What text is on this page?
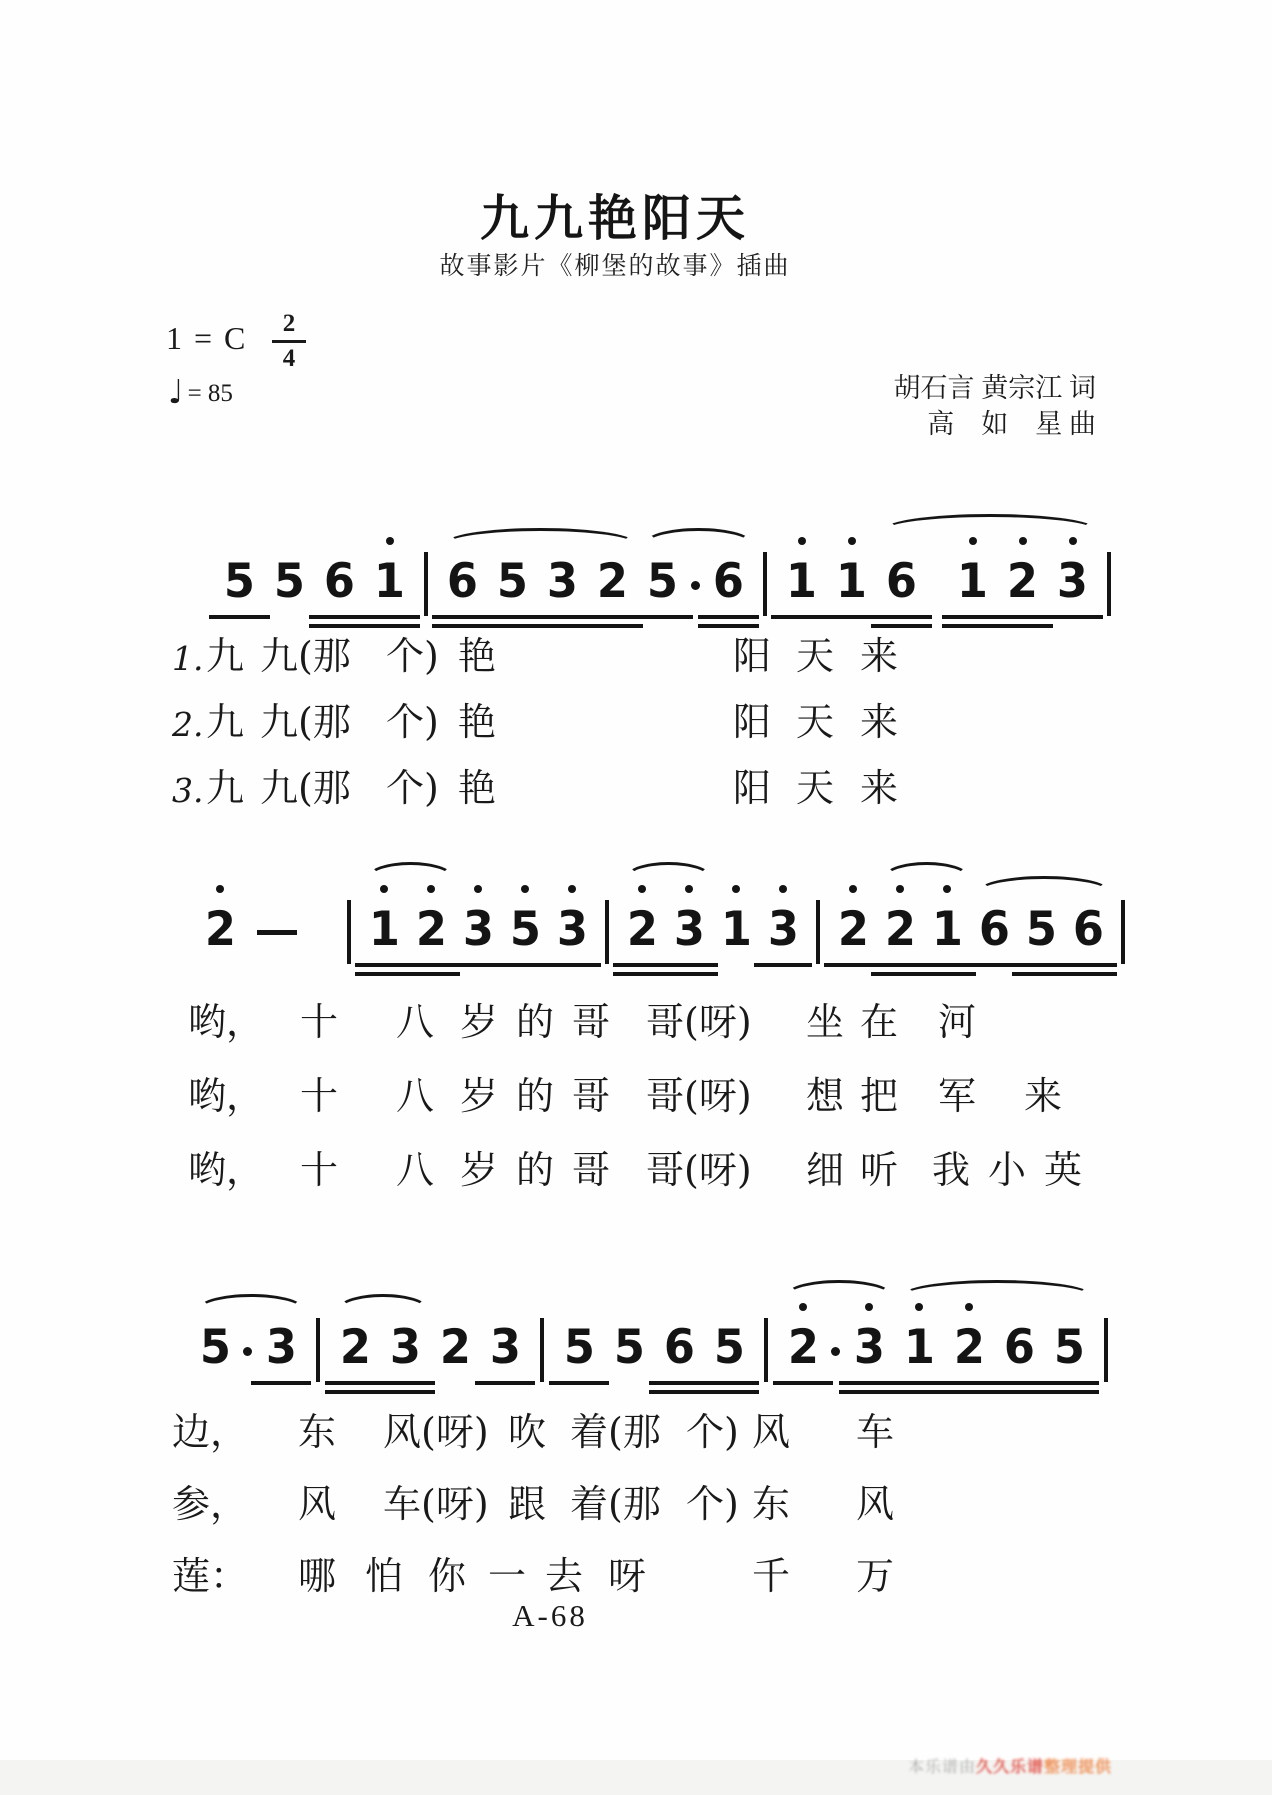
九九艳阳天
故事影片《柳堡的故事》插曲
1 = C $\frac{2}{4}$
♩ = 85	胡石言 黄宗江 词
高　如　星 曲
5 5 6 1 6 5 3 2 5 6 1 1 6 1 2 3
2	1 2 3 5 3 2 3 1 3 2 2 1 6 5 6
5 3 2 3 2 3 5 5 6 5 2 3 1 2 6 5
1. 九 九(那 个) 艳	阳 天 来
2. 九 九(那 个) 艳	阳 天 来
3. 九 九(那 个) 艳	阳 天 来
哟， 十 八 岁 的 哥 哥(呀) 坐 在 河
哟， 十 八 岁 的 哥 哥(呀) 想 把 军 来
哟， 十 八 岁 的 哥 哥(呀) 细 听 我 小 英
边， 东 风(呀) 吹 着(那 个) 风 车
参， 风 车(呀) 跟 着(那 个) 东 风
莲： 哪 怕 你 一 去 呀	千 万
A-68

本乐谱由久久乐谱整理提供
